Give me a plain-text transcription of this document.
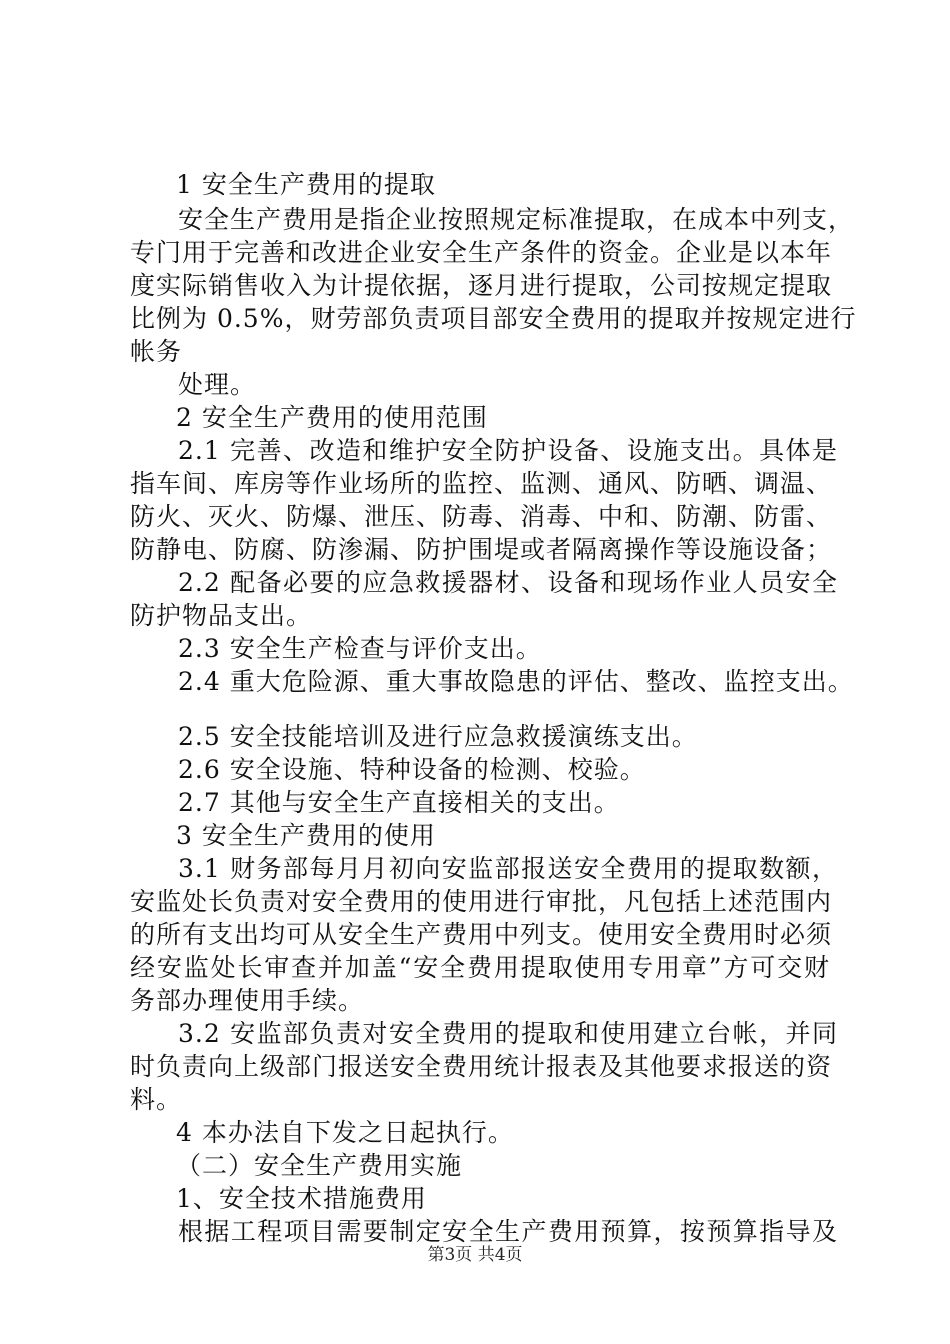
1 安全生产费用的提取
安全生产费用是指企业按照规定标准提取，在成本中列支，
专门用于完善和改进企业安全生产条件的资金。企业是以本年
度实际销售收入为计提依据，逐月进行提取，公司按规定提取
比例为 0.5%，财劳部负责项目部安全费用的提取并按规定进行
帐务
处理。
2 安全生产费用的使用范围
2.1 完善、改造和维护安全防护设备、设施支出。具体是
指车间、库房等作业场所的监控、监测、通风、防晒、调温、
防火、灭火、防爆、泄压、防毒、消毒、中和、防潮、防雷、
防静电、防腐、防渗漏、防护围堤或者隔离操作等设施设备；
2.2 配备必要的应急救援器材、设备和现场作业人员安全
防护物品支出。
2.3 安全生产检查与评价支出。
2.4 重大危险源、重大事故隐患的评估、整改、监控支出。
2.5 安全技能培训及进行应急救援演练支出。
2.6 安全设施、特种设备的检测、校验。
2.7 其他与安全生产直接相关的支出。
3 安全生产费用的使用
3.1 财务部每月月初向安监部报送安全费用的提取数额，
安监处长负责对安全费用的使用进行审批，凡包括上述范围内
的所有支出均可从安全生产费用中列支。使用安全费用时必须
经安监处长审查并加盖“安全费用提取使用专用章”方可交财
务部办理使用手续。
3.2 安监部负责对安全费用的提取和使用建立台帐，并同
时负责向上级部门报送安全费用统计报表及其他要求报送的资
料。
4 本办法自下发之日起执行。
（二）安全生产费用实施
1、安全技术措施费用
根据工程项目需要制定安全生产费用预算，按预算指导及
第3页 共4页
